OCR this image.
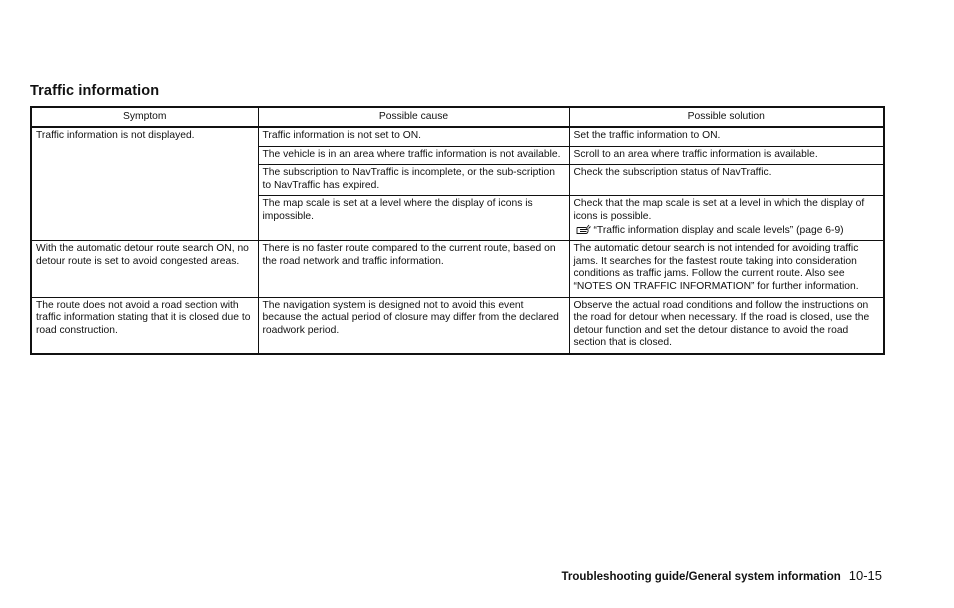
Traffic information
Symptom	Possible cause	Possible solution
Traffic information is not displayed.	Traffic information is not set to ON.	Set the traffic information to ON.
	The vehicle is in an area where traffic information is not available.	Scroll to an area where traffic information is available.
	The subscription to NavTraffic is incomplete, or the sub-scription to NavTraffic has expired.	Check the subscription status of NavTraffic.
	The map scale is set at a level where the display of icons is impossible.	Check that the map scale is set at a level in which the display of icons is possible.
“Traffic information display and scale levels” (page 6-9)

With the automatic detour route search ON, no detour route is set to avoid congested areas.	There is no faster route compared to the current route, based on the road network and traffic information.	The automatic detour search is not intended for avoiding traffic jams. It searches for the fastest route taking into consideration conditions as traffic jams. Follow the current route. Also see “NOTES ON TRAFFIC INFORMATION” for further information.
The route does not avoid a road section with traffic information stating that it is closed due to road construction.	The navigation system is designed not to avoid this event because the actual period of closure may differ from the declared roadwork period.	Observe the actual road conditions and follow the instructions on the road for detour when necessary. If the road is closed, use the detour function and set the detour distance to avoid the road section that is closed.
Troubleshooting guide/General system information 10-15
